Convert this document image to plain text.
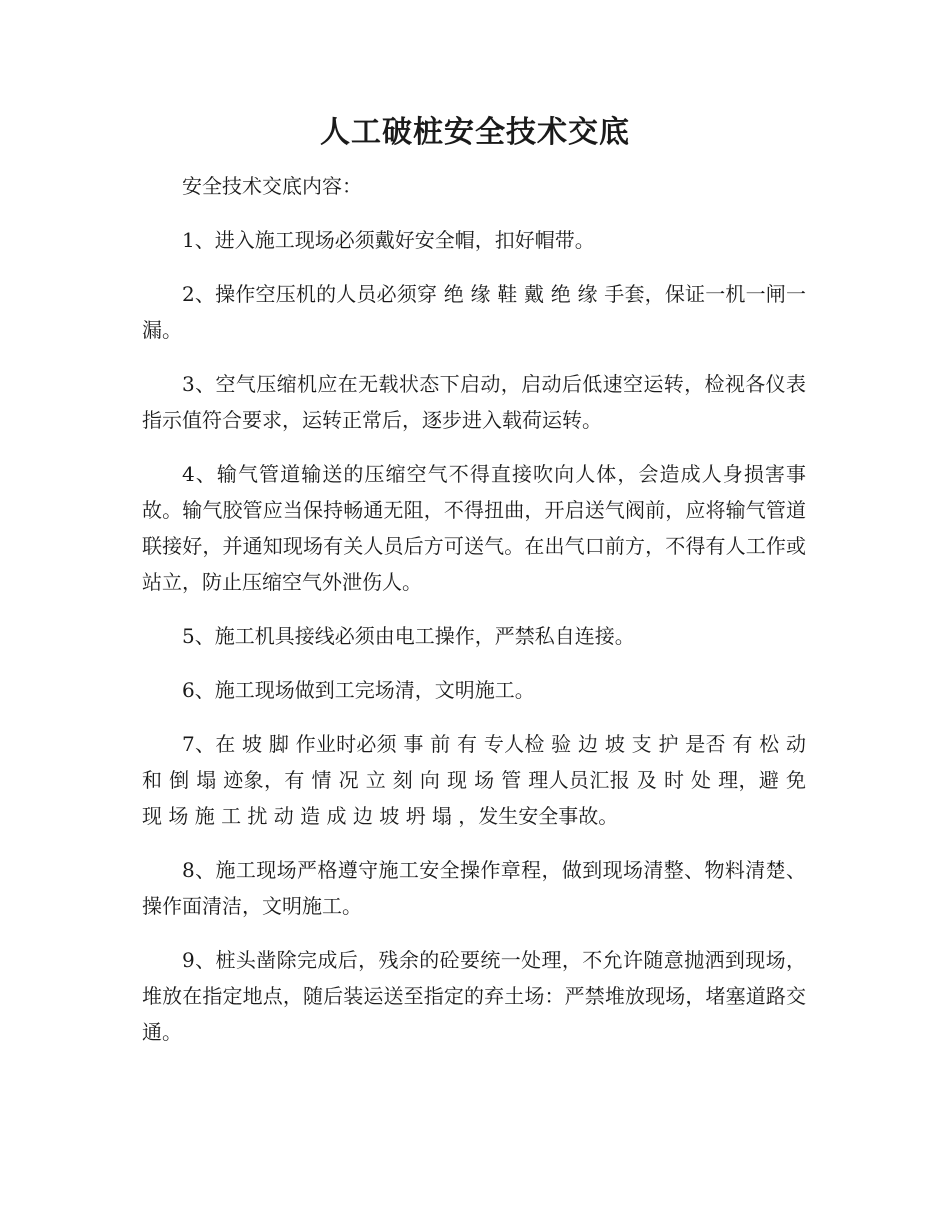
人工破桩安全技术交底

安全技术交底内容：

1、进入施工现场必须戴好安全帽，扣好帽带。

2、操作空压机的人员必须穿 绝 缘 鞋 戴 绝 缘 手套，保证一机一闸一漏。

3、空气压缩机应在无载状态下启动，启动后低速空运转，检视各仪表指示值符合要求，运转正常后，逐步进入载荷运转。

4、输气管道输送的压缩空气不得直接吹向人体，会造成人身损害事故。输气胶管应当保持畅通无阻，不得扭曲，开启送气阀前，应将输气管道联接好，并通知现场有关人员后方可送气。在出气口前方，不得有人工作或站立，防止压缩空气外泄伤人。

5、施工机具接线必须由电工操作，严禁私自连接。

6、施工现场做到工完场清，文明施工。

7、在 坡 脚 作业时必须 事 前 有 专人检 验 边 坡 支 护 是否 有 松 动和 倒 塌 迹象，有 情 况 立 刻 向 现 场 管 理人员汇报 及 时 处 理，避 免 现 场 施 工 扰 动 造 成 边 坡 坍 塌 ，发生安全事故。

8、施工现场严格遵守施工安全操作章程，做到现场清整、物料清楚、操作面清洁，文明施工。

9、桩头凿除完成后，残余的砼要统一处理，不允许随意抛洒到现场，堆放在指定地点，随后装运送至指定的弃土场：严禁堆放现场，堵塞道路交通。
